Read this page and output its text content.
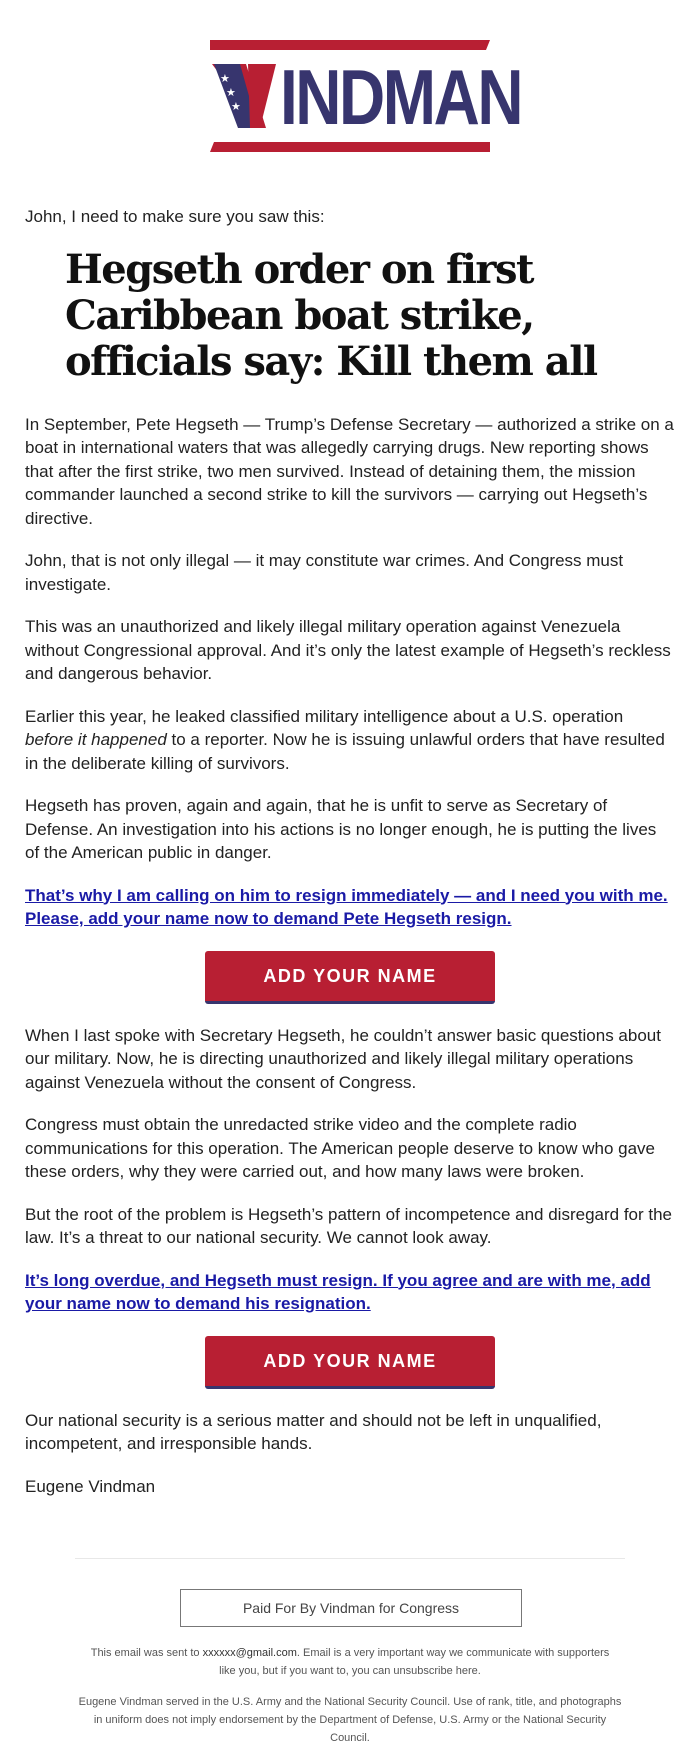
★
★
★ INDMAN

John, I need to make sure you saw this:

Hegseth order on first Caribbean boat strike, officials say: Kill them all

In September, Pete Hegseth — Trump’s Defense Secretary — authorized a strike on a boat in international waters that was allegedly carrying drugs. New reporting shows that after the first strike, two men survived. Instead of detaining them, the mission commander launched a second strike to kill the survivors — carrying out Hegseth’s directive.

John, that is not only illegal — it may constitute war crimes. And Congress must investigate.

This was an unauthorized and likely illegal military operation against Venezuela without Congressional approval. And it’s only the latest example of Hegseth’s reckless and dangerous behavior.

Earlier this year, he leaked classified military intelligence about a U.S. operation before it happened to a reporter. Now he is issuing unlawful orders that have resulted in the deliberate killing of survivors.

Hegseth has proven, again and again, that he is unfit to serve as Secretary of Defense. An investigation into his actions is no longer enough, he is putting the lives of the American public in danger.

That’s why I am calling on him to resign immediately — and I need you with me. Please, add your name now to demand Pete Hegseth resign.
ADD YOUR NAME

When I last spoke with Secretary Hegseth, he couldn’t answer basic questions about our military. Now, he is directing unauthorized and likely illegal military operations against Venezuela without the consent of Congress.

Congress must obtain the unredacted strike video and the complete radio communications for this operation. The American people deserve to know who gave these orders, why they were carried out, and how many laws were broken.

But the root of the problem is Hegseth’s pattern of incompetence and disregard for the law. It’s a threat to our national security. We cannot look away.

It’s long overdue, and Hegseth must resign. If you agree and are with me, add your name now to demand his resignation.
ADD YOUR NAME

Our national security is a serious matter and should not be left in unqualified, incompetent, and irresponsible hands.

Eugene Vindman

Paid For By Vindman for Congress
This email was sent to xxxxxx@gmail.com. Email is a very important way we communicate with supporters like you, but if you want to, you can unsubscribe here.
Eugene Vindman served in the U.S. Army and the National Security Council. Use of rank, title, and photographs in uniform does not imply endorsement by the Department of Defense, U.S. Army or the National Security Council.
